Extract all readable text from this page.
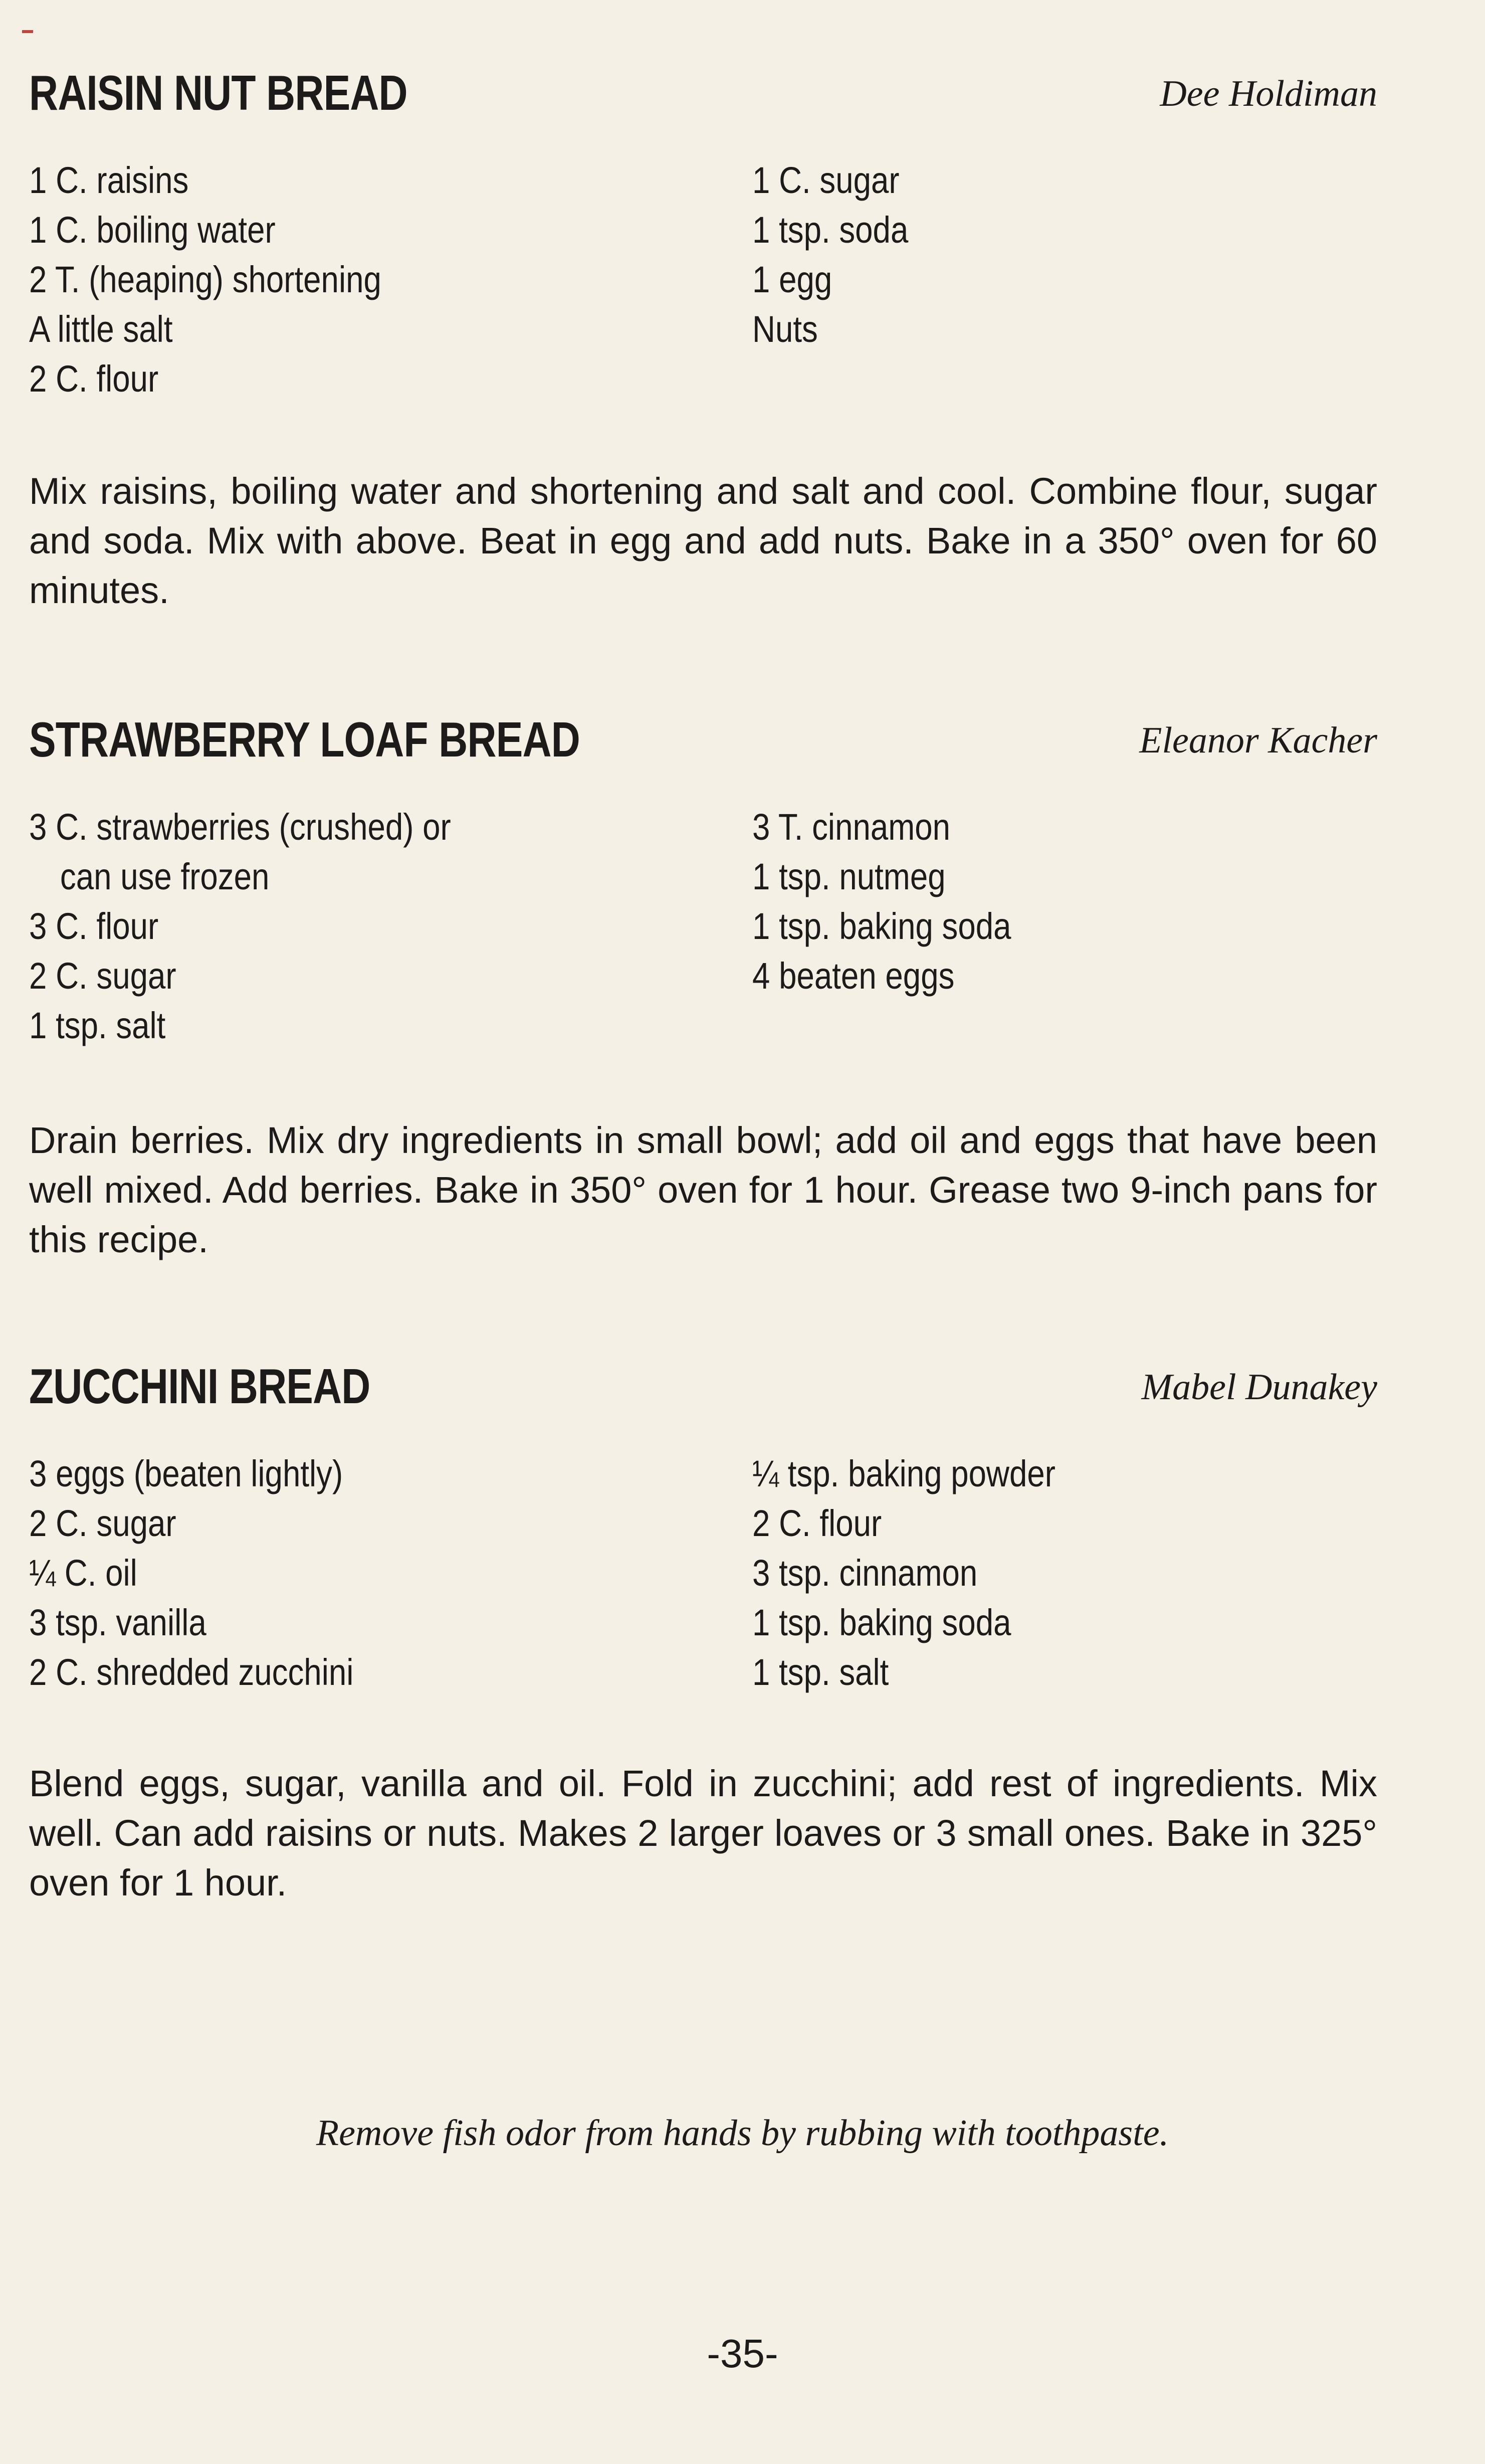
RAISIN NUT BREAD	Dee Holdiman
1 C. raisins
1 C. boiling water
2 T. (heaping) shortening
A little salt
2 C. flour
1 C. sugar
1 tsp. soda
1 egg
Nuts

Mix raisins, boiling water and shortening and salt and cool. Combine flour, sugar and soda. Mix with above. Beat in egg and add nuts. Bake in a 350° oven for 60 minutes.

STRAWBERRY LOAF BREAD	Eleanor Kacher
3 C. strawberries (crushed) or
can use frozen
3 C. flour
2 C. sugar
1 tsp. salt
3 T. cinnamon
1 tsp. nutmeg
1 tsp. baking soda
4 beaten eggs

Drain berries. Mix dry ingredients in small bowl; add oil and eggs that have been well mixed. Add berries. Bake in 350° oven for 1 hour. Grease two 9-inch pans for this recipe.

ZUCCHINI BREAD	Mabel Dunakey
3 eggs (beaten lightly)
2 C. sugar
¼ C. oil
3 tsp. vanilla
2 C. shredded zucchini
¼ tsp. baking powder
2 C. flour
3 tsp. cinnamon
1 tsp. baking soda
1 tsp. salt

Blend eggs, sugar, vanilla and oil. Fold in zucchini; add rest of ingredients. Mix well. Can add raisins or nuts. Makes 2 larger loaves or 3 small ones. Bake in 325° oven for 1 hour.

Remove fish odor from hands by rubbing with toothpaste.
-35-
